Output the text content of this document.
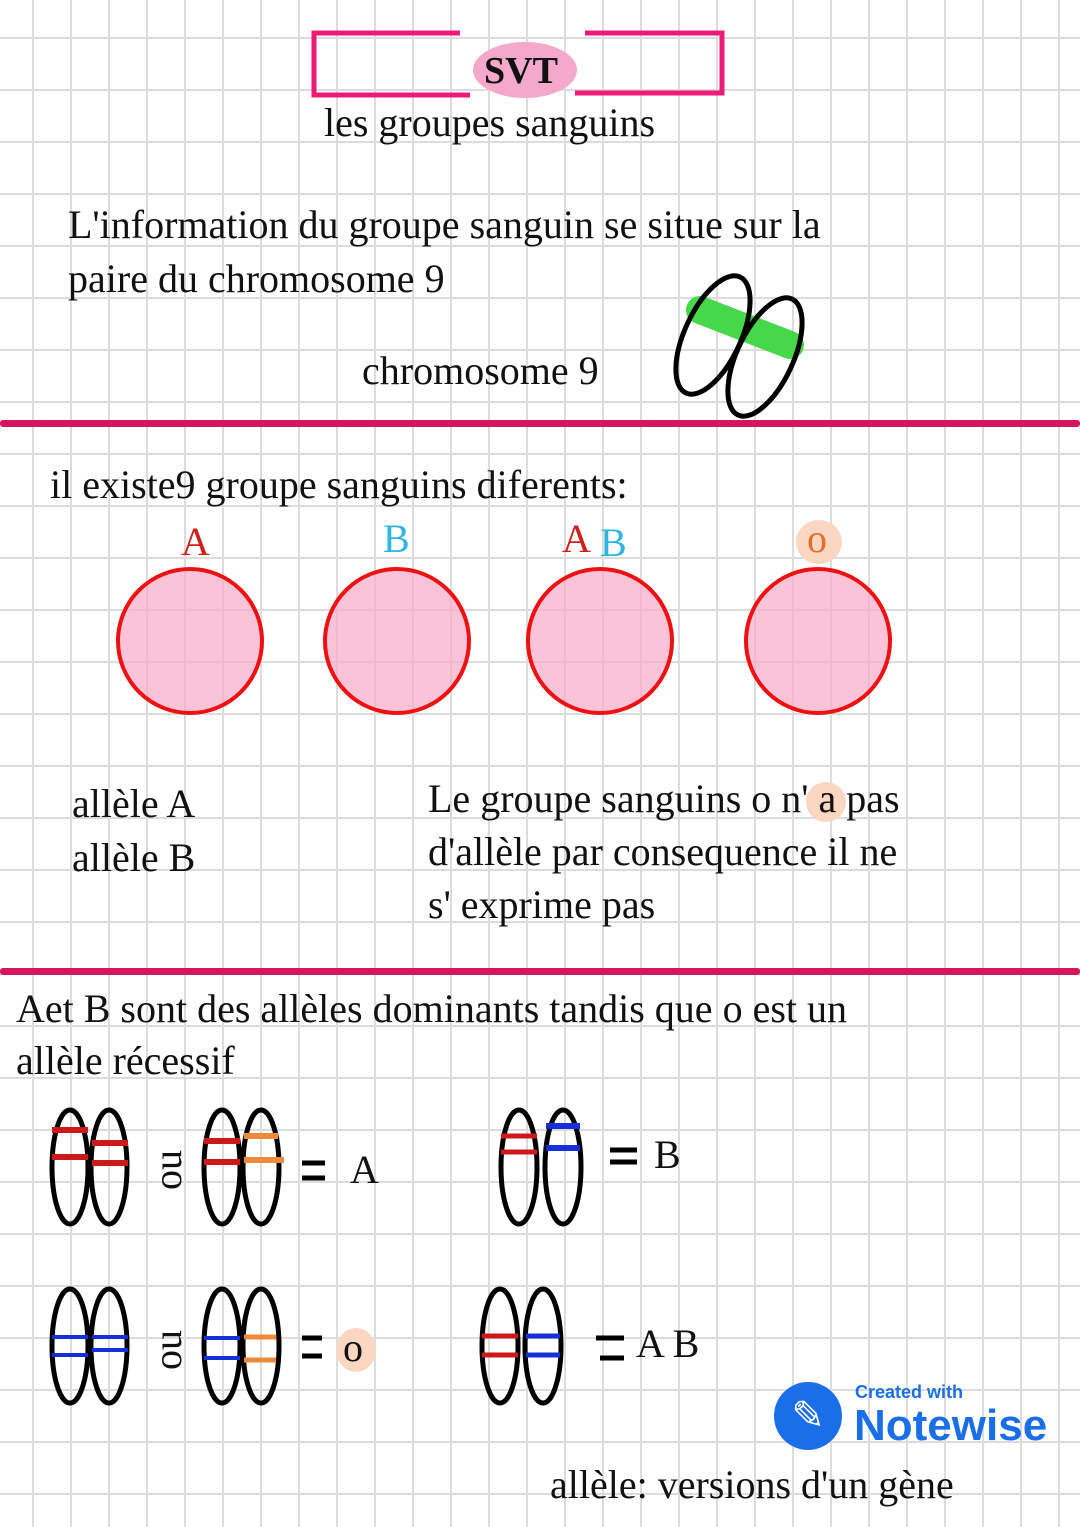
SVT
les groupes sanguins
L'information du groupe sanguin se situe sur la
paire du chromosome 9
chromosome 9
il existe9 groupe sanguins diferents:
A	B	A B	o
allèle A
allèle B
Le groupe sanguins o n' a pas
d'allèle par consequence il ne
s' exprime pas
Aet B sont des allèles dominants tandis que o est un
allèle récessif
ou
ou
A	B
o	A B
allèle: versions d'un gène
✎
Created with
Notewise
